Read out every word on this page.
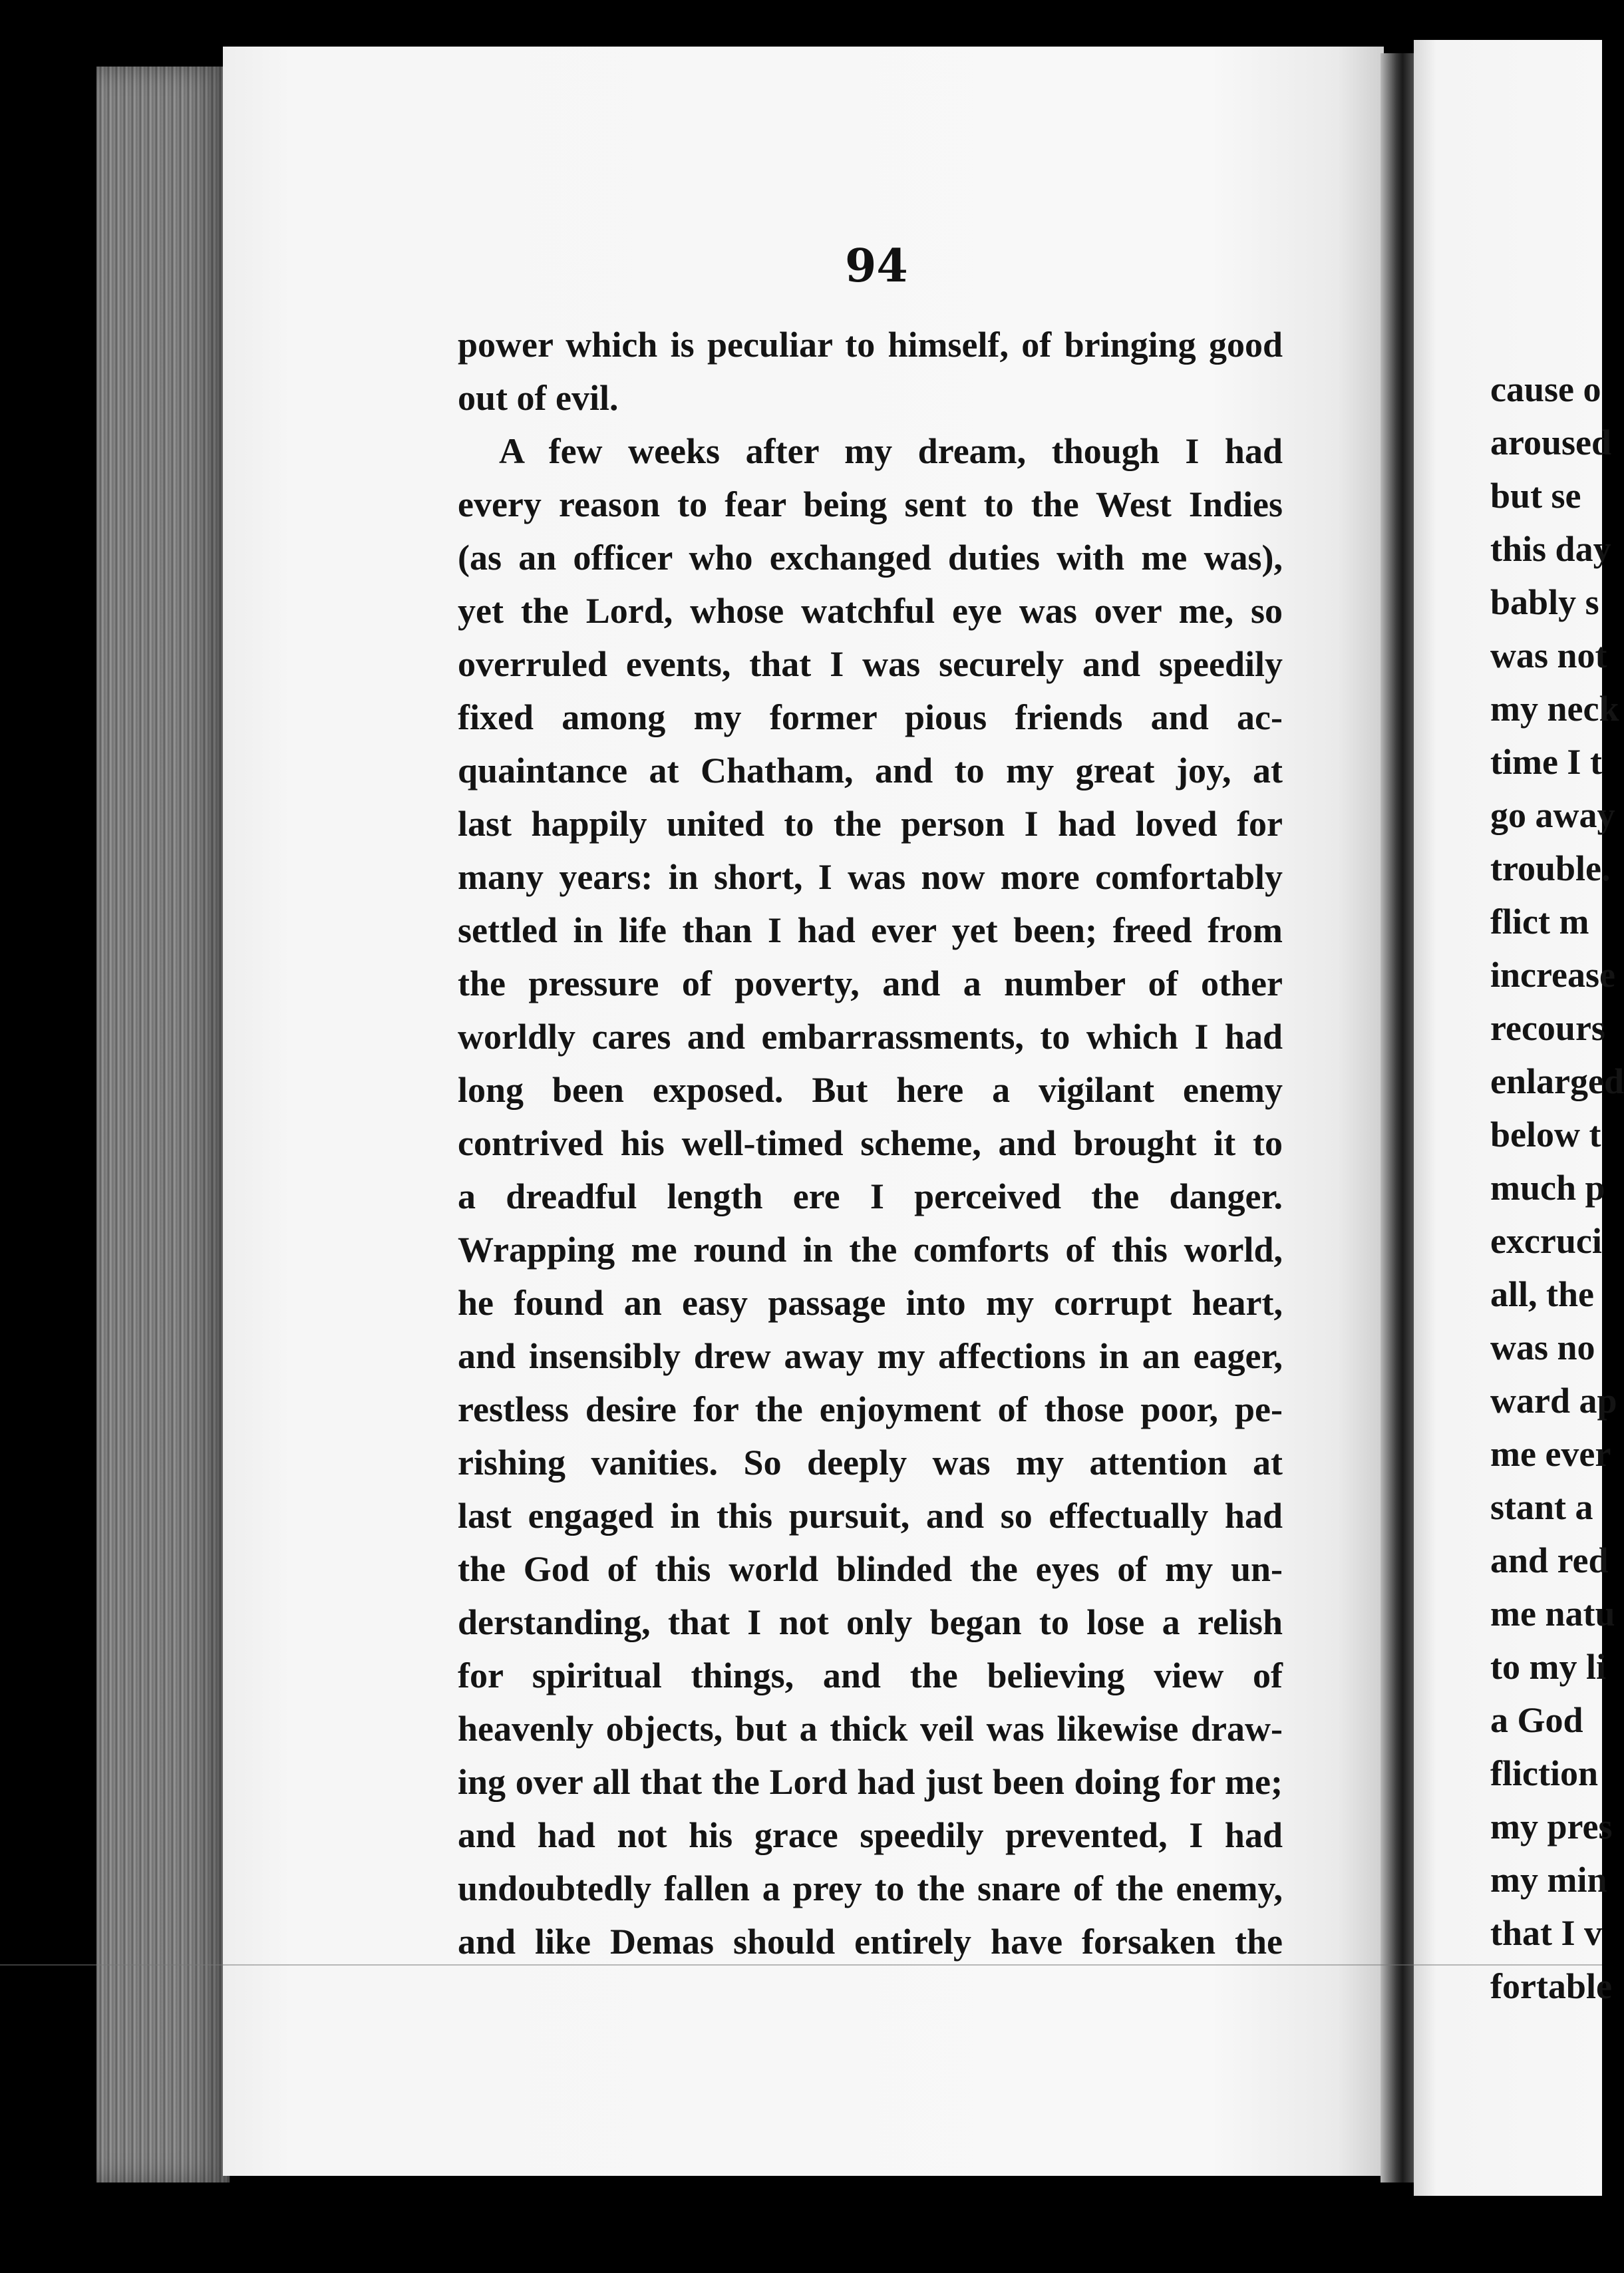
94
power which is peculiar to himself, of bringing good
out of evil.
A few weeks after my dream, though I had
every reason to fear being sent to the West Indies
(as an officer who exchanged duties with me was),
yet the Lord, whose watchful eye was over me, so
overruled events, that I was securely and speedily
fixed among my former pious friends and ac-
quaintance at Chatham, and to my great joy, at
last happily united to the person I had loved for
many years: in short, I was now more comfortably
settled in life than I had ever yet been; freed from
the pressure of poverty, and a number of other
worldly cares and embarrassments, to which I had
long been exposed. But here a vigilant enemy
contrived his well-timed scheme, and brought it to
a dreadful length ere I perceived the danger.
Wrapping me round in the comforts of this world,
he found an easy passage into my corrupt heart,
and insensibly drew away my affections in an eager,
restless desire for the enjoyment of those poor, pe-
rishing vanities. So deeply was my attention at
last engaged in this pursuit, and so effectually had
the God of this world blinded the eyes of my un-
derstanding, that I not only began to lose a relish
for spiritual things, and the believing view of
heavenly objects, but a thick veil was likewise draw-
ing over all that the Lord had just been doing for me;
and had not his grace speedily prevented, I had
undoubtedly fallen a prey to the snare of the enemy,
and like Demas should entirely have forsaken the
cause o
aroused
but se
this day
bably s
was not
my neck
time I t
go away
trouble.
flict m
increase
recours
enlarged
below t
much p
excruci
all, the
was no
ward ap
me ever
stant a
and red
me natu
to my li
a God
fliction
my pres
my min
that I v
fortable
